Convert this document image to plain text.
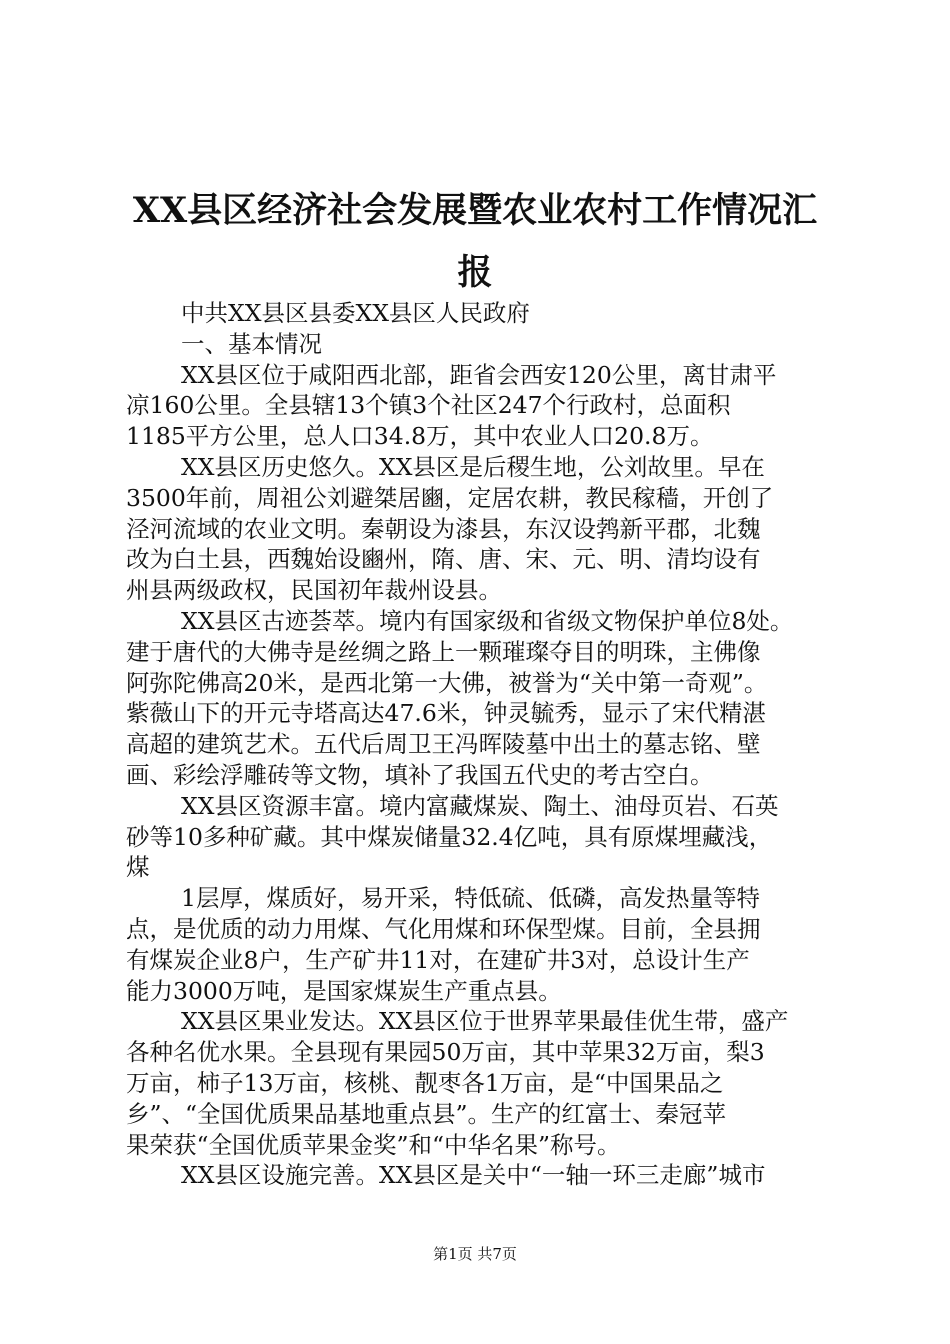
XX县区经济社会发展暨农业农村工作情况汇
报
中共XX县区县委XX县区人民政府
一、基本情况
XX县区位于咸阳西北部，距省会西安120公里，离甘肃平
凉160公里。全县辖13个镇3个社区247个行政村，总面积
1185平方公里，总人口34.8万，其中农业人口20.8万。
XX县区历史悠久。XX县区是后稷生地，公刘故里。早在
3500年前，周祖公刘避桀居豳，定居农耕，教民稼穑，开创了
泾河流域的农业文明。秦朝设为漆县，东汉设鹁新平郡，北魏
改为白土县，西魏始设豳州，隋、唐、宋、元、明、清均设有
州县两级政权，民国初年裁州设县。
XX县区古迹荟萃。境内有国家级和省级文物保护单位8处。
建于唐代的大佛寺是丝绸之路上一颗璀璨夺目的明珠，主佛像
阿弥陀佛高20米，是西北第一大佛，被誉为“关中第一奇观”。
紫薇山下的开元寺塔高达47.6米，钟灵毓秀，显示了宋代精湛
高超的建筑艺术。五代后周卫王冯晖陵墓中出土的墓志铭、壁
画、彩绘浮雕砖等文物，填补了我国五代史的考古空白。
XX县区资源丰富。境内富藏煤炭、陶土、油母页岩、石英
砂等10多种矿藏。其中煤炭储量32.4亿吨，具有原煤埋藏浅，
煤
1层厚，煤质好，易开采，特低硫、低磷，高发热量等特
点，是优质的动力用煤、气化用煤和环保型煤。目前，全县拥
有煤炭企业8户，生产矿井11对，在建矿井3对，总设计生产
能力3000万吨，是国家煤炭生产重点县。
XX县区果业发达。XX县区位于世界苹果最佳优生带，盛产
各种名优水果。全县现有果园50万亩，其中苹果32万亩，梨3
万亩，柿子13万亩，核桃、靓枣各1万亩，是“中国果品之
乡”、“全国优质果品基地重点县”。生产的红富士、秦冠苹
果荣获“全国优质苹果金奖”和“中华名果”称号。
XX县区设施完善。XX县区是关中“一轴一环三走廊”城市
第1页 共7页
